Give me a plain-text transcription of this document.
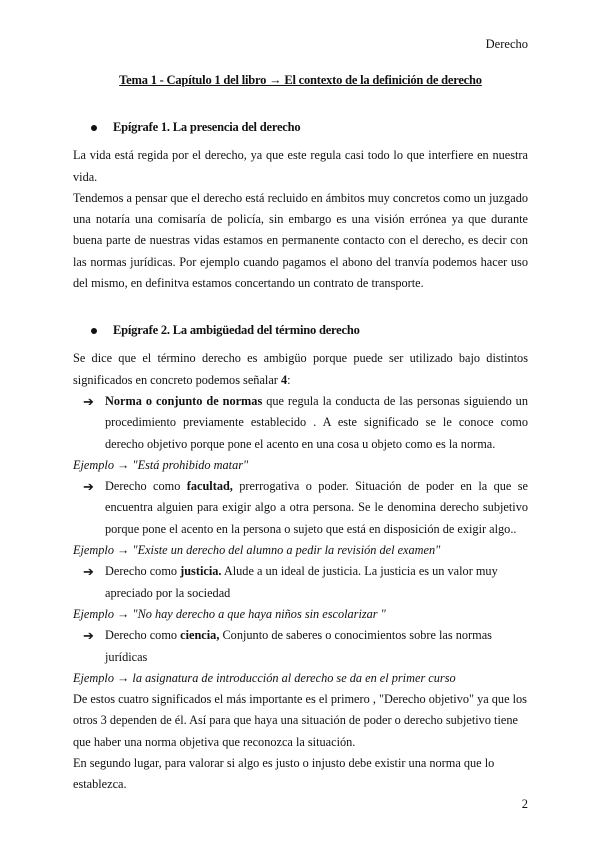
Derecho

Tema 1 - Capítulo 1 del libro → El contexto de la definición de derecho

Epígrafe 1. La presencia del derecho

La vida está regida por el derecho, ya que este regula casi todo lo que interfiere en nuestra vida.

Tendemos a pensar que el derecho está recluido en ámbitos muy concretos como un juzgado una notaría una comisaría de policía, sin embargo es una visión errónea ya que durante buena parte de nuestras vidas estamos en permanente contacto con el derecho, es decir con las normas jurídicas. Por ejemplo cuando pagamos el abono del tranvía podemos hacer uso del mismo, en definitva estamos concertando un contrato de transporte.

Epígrafe 2. La ambigüedad del término derecho

Se dice que el término derecho es ambigüo porque puede ser utilizado bajo distintos significados en concreto podemos señalar 4:

➔ Norma o conjunto de normas que regula la conducta de las personas siguiendo un procedimiento previamente establecido . A este significado se le conoce como derecho objetivo porque pone el acento en una cosa u objeto como es la norma.

Ejemplo → "Está prohibido matar"

➔ Derecho como facultad, prerrogativa o poder. Situación de poder en la que se encuentra alguien para exigir algo a otra persona. Se le denomina derecho subjetivo porque pone el acento en la persona o sujeto que está en disposición de exigir algo..

Ejemplo → "Existe un derecho del alumno a pedir la revisión del examen"

➔ Derecho como justicia. Alude a un ideal de justicia. La justicia es un valor muy apreciado por la sociedad

Ejemplo → "No hay derecho a que haya niños sin escolarizar "

➔ Derecho como ciencia, Conjunto de saberes o conocimientos sobre las normas jurídicas

Ejemplo → la asignatura de introducción al derecho se da en el primer curso

De estos cuatro significados el más importante es el primero , "Derecho objetivo" ya que los otros 3 dependen de él. Así para que haya una situación de poder o derecho subjetivo tiene que haber una norma objetiva que reconozca la situación.

En segundo lugar, para valorar si algo es justo o injusto debe existir una norma que lo establezca.

2
